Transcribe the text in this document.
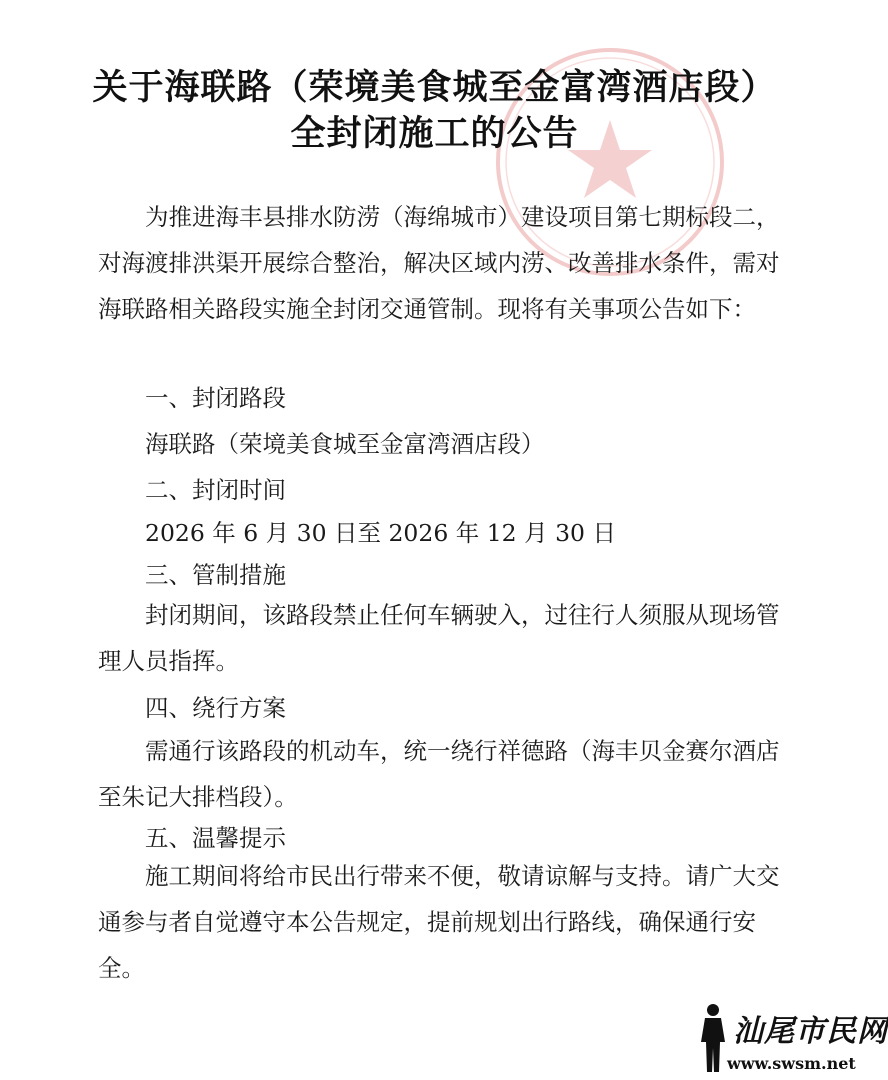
关于海联路（荣境美食城至金富湾酒店段）
全封闭施工的公告
为推进海丰县排水防涝（海绵城市）建设项目第七期标段二，对海渡排洪渠开展综合整治，解决区域内涝、改善排水条件，需对海联路相关路段实施全封闭交通管制。现将有关事项公告如下：
一、封闭路段
海联路（荣境美食城至金富湾酒店段）
二、封闭时间
2026 年 6 月 30 日至 2026 年 12 月 30 日
三、管制措施
封闭期间，该路段禁止任何车辆驶入，过往行人须服从现场管理人员指挥。
四、绕行方案
需通行该路段的机动车，统一绕行祥德路（海丰贝金赛尔酒店至朱记大排档段）。
五、温馨提示
施工期间将给市民出行带来不便，敬请谅解与支持。请广大交通参与者自觉遵守本公告规定，提前规划出行路线，确保通行安全。
汕尾市民网
www.swsm.net
